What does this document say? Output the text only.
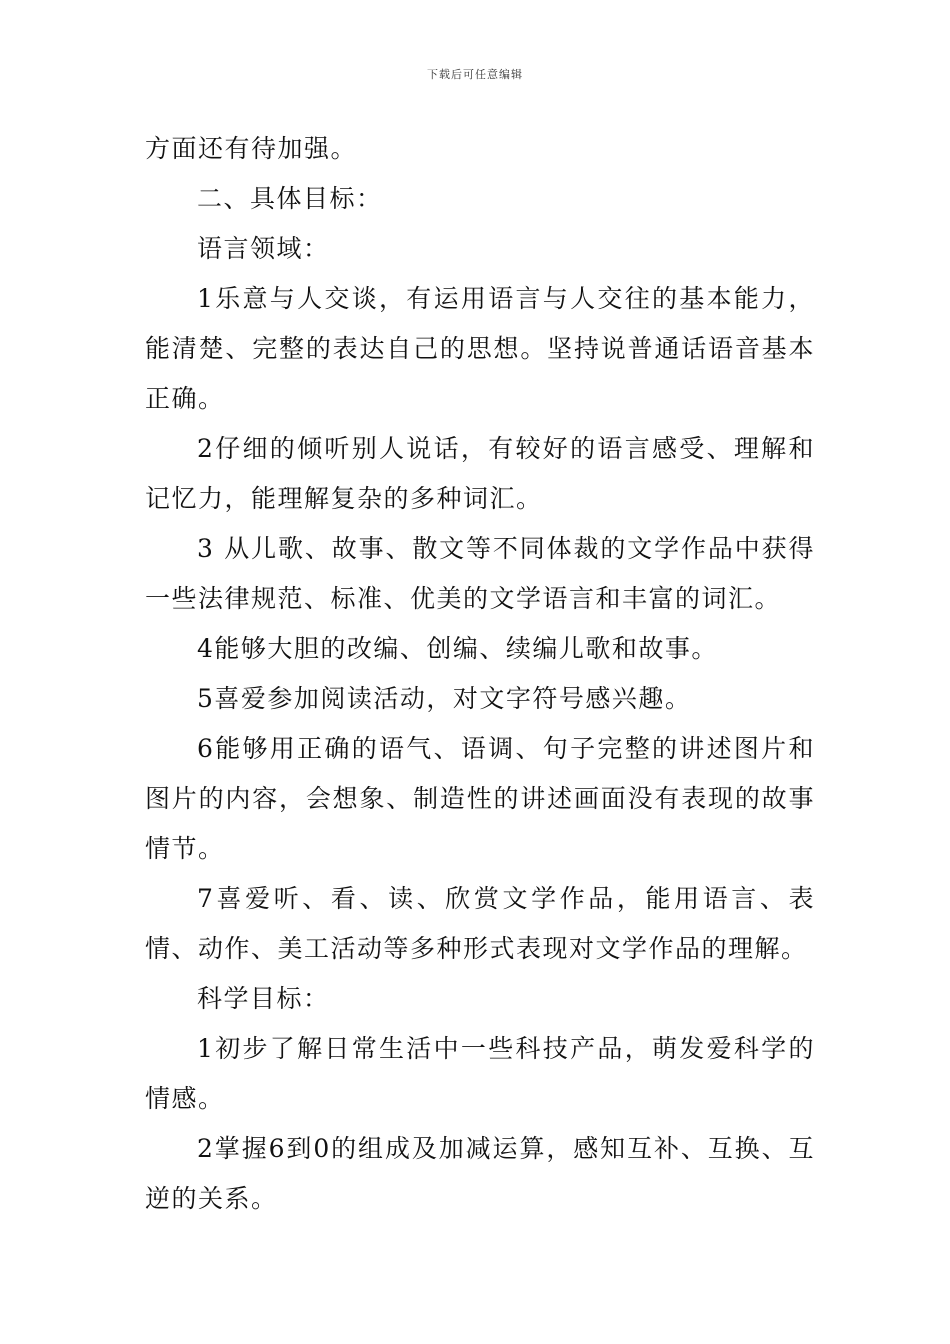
下载后可任意编辑

方面还有待加强。

二、具体目标：

语言领域：

1乐意与人交谈，有运用语言与人交往的基本能力，能清楚、完整的表达自己的思想。坚持说普通话语音基本正确。

2仔细的倾听别人说话，有较好的语言感受、理解和记忆力，能理解复杂的多种词汇。

3 从儿歌、故事、散文等不同体裁的文学作品中获得一些法律规范、标准、优美的文学语言和丰富的词汇。

4能够大胆的改编、创编、续编儿歌和故事。

5喜爱参加阅读活动，对文字符号感兴趣。

6能够用正确的语气、语调、句子完整的讲述图片和图片的内容，会想象、制造性的讲述画面没有表现的故事情节。

7喜爱听、看、读、欣赏文学作品，能用语言、表情、动作、美工活动等多种形式表现对文学作品的理解。

科学目标：

1初步了解日常生活中一些科技产品，萌发爱科学的情感。

2掌握6到0的组成及加减运算，感知互补、互换、互逆的关系。
